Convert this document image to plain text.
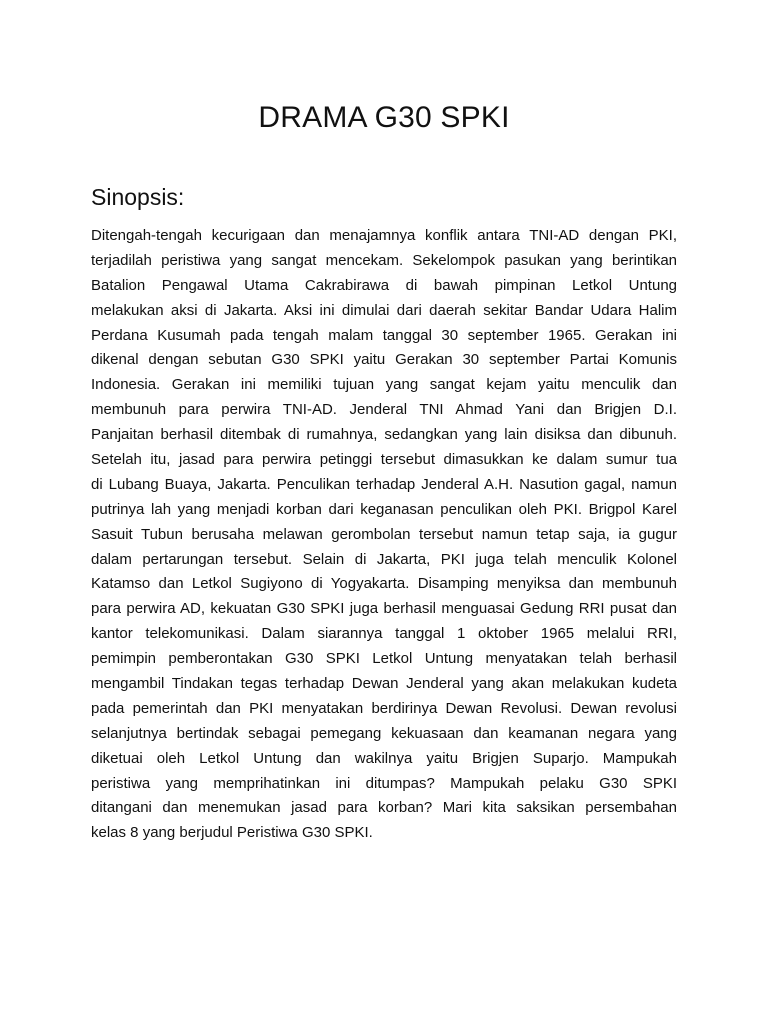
DRAMA G30 SPKI
Sinopsis:
Ditengah-tengah kecurigaan dan menajamnya konflik antara TNI-AD dengan PKI,
terjadilah peristiwa yang sangat mencekam. Sekelompok pasukan yang berintikan
Batalion Pengawal Utama Cakrabirawa di bawah pimpinan Letkol Untung
melakukan aksi di Jakarta. Aksi ini dimulai dari daerah sekitar Bandar Udara Halim
Perdana Kusumah pada tengah malam tanggal 30 september 1965. Gerakan ini
dikenal dengan sebutan G30 SPKI yaitu Gerakan 30 september Partai Komunis
Indonesia. Gerakan ini memiliki tujuan yang sangat kejam yaitu menculik dan
membunuh para perwira TNI-AD. Jenderal TNI Ahmad Yani dan Brigjen D.I.
Panjaitan berhasil ditembak di rumahnya, sedangkan yang lain disiksa dan dibunuh.
Setelah itu, jasad para perwira petinggi tersebut dimasukkan ke dalam sumur tua
di Lubang Buaya, Jakarta. Penculikan terhadap Jenderal A.H. Nasution gagal, namun
putrinya lah yang menjadi korban dari keganasan penculikan oleh PKI. Brigpol Karel
Sasuit Tubun berusaha melawan gerombolan tersebut namun tetap saja, ia gugur
dalam pertarungan tersebut. Selain di Jakarta, PKI juga telah menculik Kolonel
Katamso dan Letkol Sugiyono di Yogyakarta. Disamping menyiksa dan membunuh
para perwira AD, kekuatan G30 SPKI juga berhasil menguasai Gedung RRI pusat dan
kantor telekomunikasi. Dalam siarannya tanggal 1 oktober 1965 melalui RRI,
pemimpin pemberontakan G30 SPKI Letkol Untung menyatakan telah berhasil
mengambil Tindakan tegas terhadap Dewan Jenderal yang akan melakukan kudeta
pada pemerintah dan PKI menyatakan berdirinya Dewan Revolusi. Dewan revolusi
selanjutnya bertindak sebagai pemegang kekuasaan dan keamanan negara yang
diketuai oleh Letkol Untung dan wakilnya yaitu Brigjen Suparjo. Mampukah
peristiwa yang memprihatinkan ini ditumpas? Mampukah pelaku G30 SPKI
ditangani dan menemukan jasad para korban? Mari kita saksikan persembahan
kelas 8 yang berjudul Peristiwa G30 SPKI.
